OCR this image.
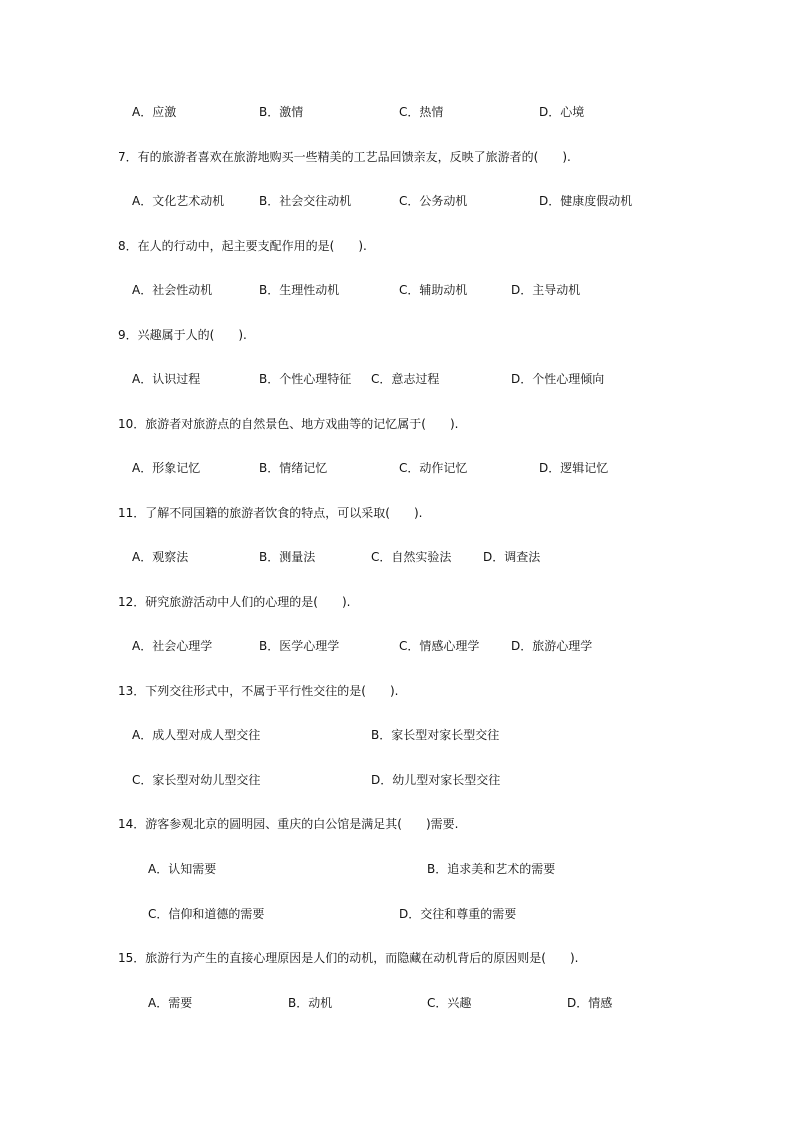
A．应激	B．激情	C．热情	D．心境
7．有的旅游者喜欢在旅游地购买一些精美的工艺品回馈亲友，反映了旅游者的(　　).
A．文化艺术动机	B．社会交往动机	C．公务动机	D．健康度假动机
8．在人的行动中，起主要支配作用的是(　　).
A．社会性动机	B．生理性动机	C．辅助动机	D．主导动机
9．兴趣属于人的(　　).
A．认识过程	B．个性心理特征 C．意志过程	D．个性心理倾向
10．旅游者对旅游点的自然景色、地方戏曲等的记忆属于(　　).
A．形象记忆	B．情绪记忆	C．动作记忆	D．逻辑记忆
11．了解不同国籍的旅游者饮食的特点，可以采取(　　).
A．观察法	B．测量法	C．自然实验法	D．调查法
12．研究旅游活动中人们的心理的是(　　).
A．社会心理学	B．医学心理学	C．情感心理学	D．旅游心理学
13．下列交往形式中，不属于平行性交往的是(　　).
A．成人型对成人型交往	B．家长型对家长型交往
C．家长型对幼儿型交往	D．幼儿型对家长型交往
14．游客参观北京的圆明园、重庆的白公馆是满足其(　　)需要.
A．认知需要	B．追求美和艺术的需要
C．信仰和道德的需要	D．交往和尊重的需要
15．旅游行为产生的直接心理原因是人们的动机，而隐藏在动机背后的原因则是(　　).
A．需要	B．动机	C．兴趣	D．情感
